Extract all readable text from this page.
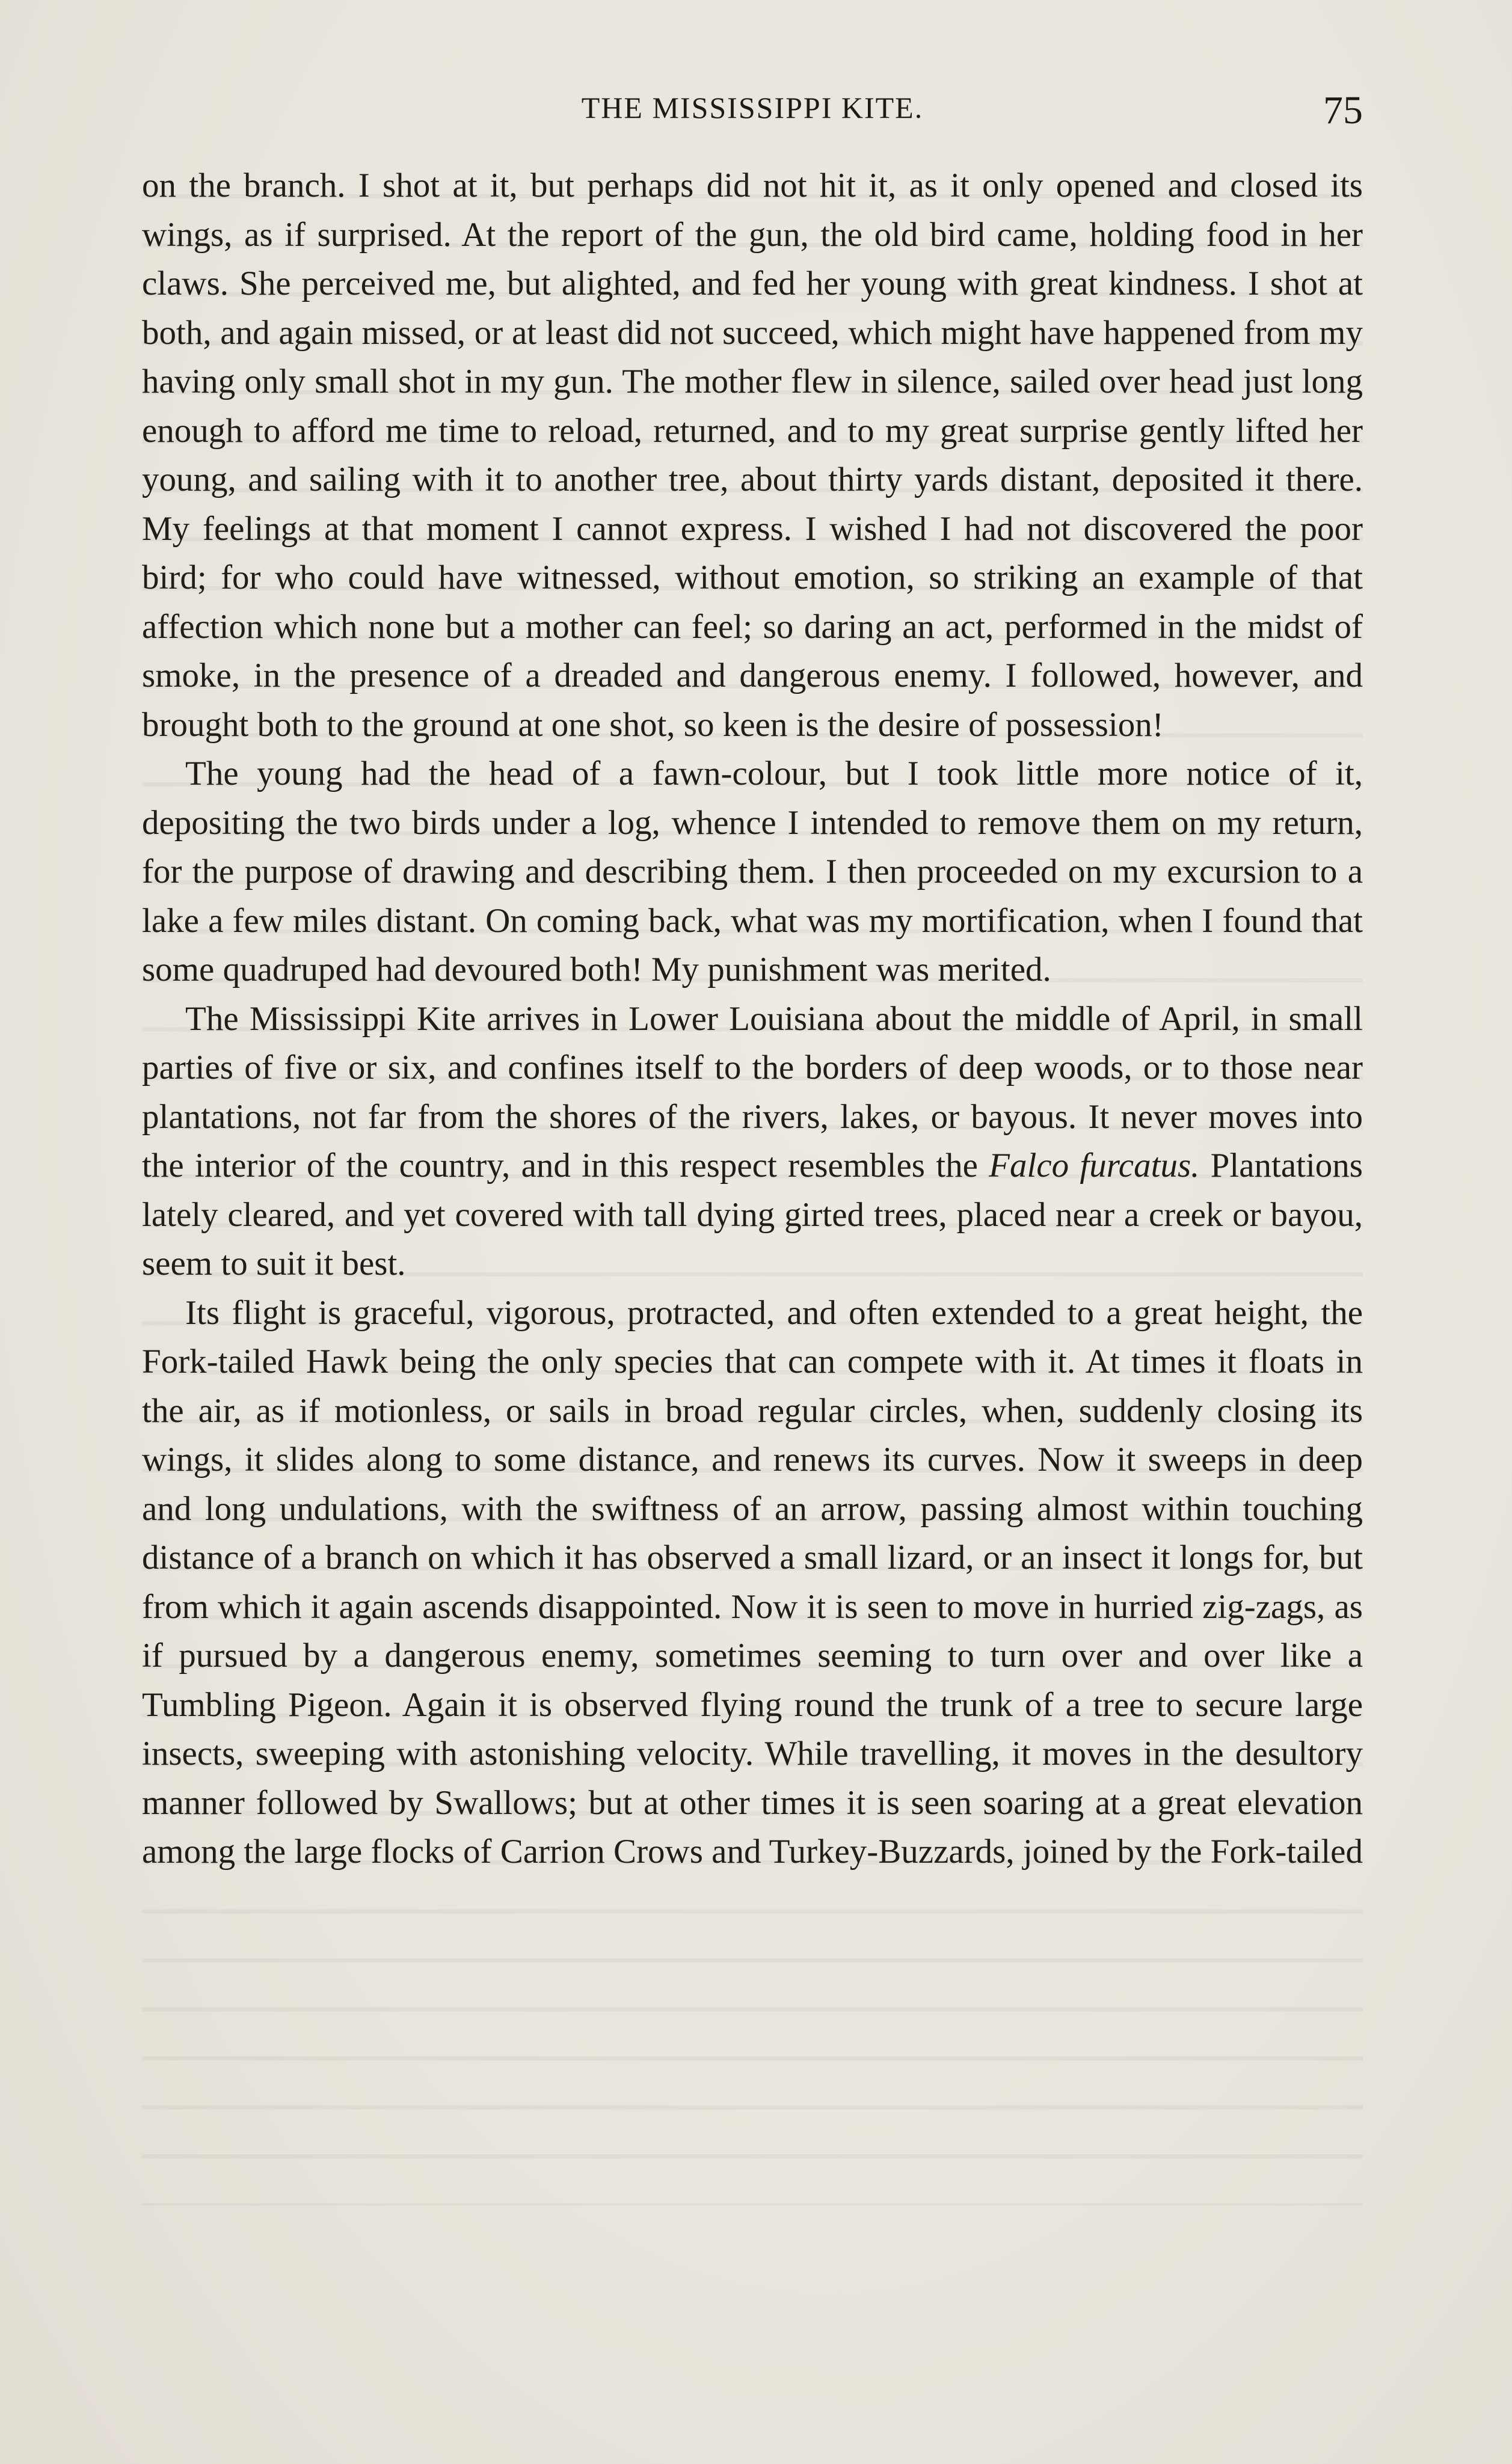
THE MISSISSIPPI KITE.	75

on the branch. I shot at it, but perhaps did not hit it, as it only opened and closed its wings, as if surprised. At the report of the gun, the old bird came, holding food in her claws. She perceived me, but alighted, and fed her young with great kindness. I shot at both, and again missed, or at least did not succeed, which might have happened from my having only small shot in my gun. The mother flew in silence, sailed over head just long enough to afford me time to reload, returned, and to my great surprise gently lifted her young, and sailing with it to another tree, about thirty yards distant, deposited it there. My feelings at that moment I cannot express. I wished I had not discovered the poor bird; for who could have witnessed, without emotion, so striking an example of that affection which none but a mother can feel; so daring an act, performed in the midst of smoke, in the presence of a dreaded and dangerous enemy. I followed, however, and brought both to the ground at one shot, so keen is the desire of possession!

The young had the head of a fawn-colour, but I took little more notice of it, depositing the two birds under a log, whence I intended to remove them on my return, for the purpose of drawing and describing them. I then proceeded on my excursion to a lake a few miles distant. On coming back, what was my mortification, when I found that some quadruped had devoured both! My punishment was merited.

The Mississippi Kite arrives in Lower Louisiana about the middle of April, in small parties of five or six, and confines itself to the borders of deep woods, or to those near plantations, not far from the shores of the rivers, lakes, or bayous. It never moves into the interior of the country, and in this respect resembles the Falco furcatus. Plantations lately cleared, and yet covered with tall dying girted trees, placed near a creek or bayou, seem to suit it best.

Its flight is graceful, vigorous, protracted, and often extended to a great height, the Fork-tailed Hawk being the only species that can compete with it. At times it floats in the air, as if motionless, or sails in broad regular circles, when, suddenly closing its wings, it slides along to some distance, and renews its curves. Now it sweeps in deep and long undulations, with the swiftness of an arrow, passing almost within touching distance of a branch on which it has observed a small lizard, or an insect it longs for, but from which it again ascends disappointed. Now it is seen to move in hurried zig-zags, as if pursued by a dangerous enemy, sometimes seeming to turn over and over like a Tumbling Pigeon. Again it is observed flying round the trunk of a tree to secure large insects, sweeping with astonishing velocity. While travelling, it moves in the desultory manner followed by Swallows; but at other times it is seen soaring at a great elevation among the large flocks of Carrion Crows and Turkey-Buzzards, joined by the Fork-tailed
